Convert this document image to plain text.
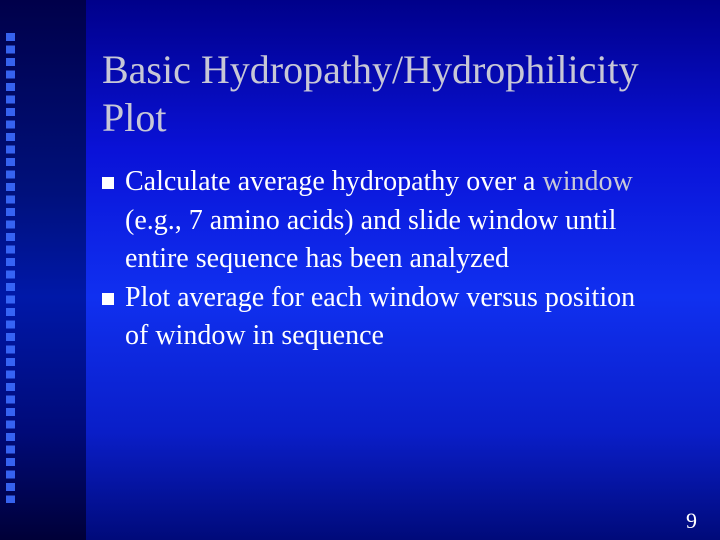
Basic Hydropathy/Hydrophilicity Plot
Calculate average hydropathy over a window (e.g., 7 amino acids) and slide window until entire sequence has been analyzed
Plot average for each window versus position of window in sequence
9
